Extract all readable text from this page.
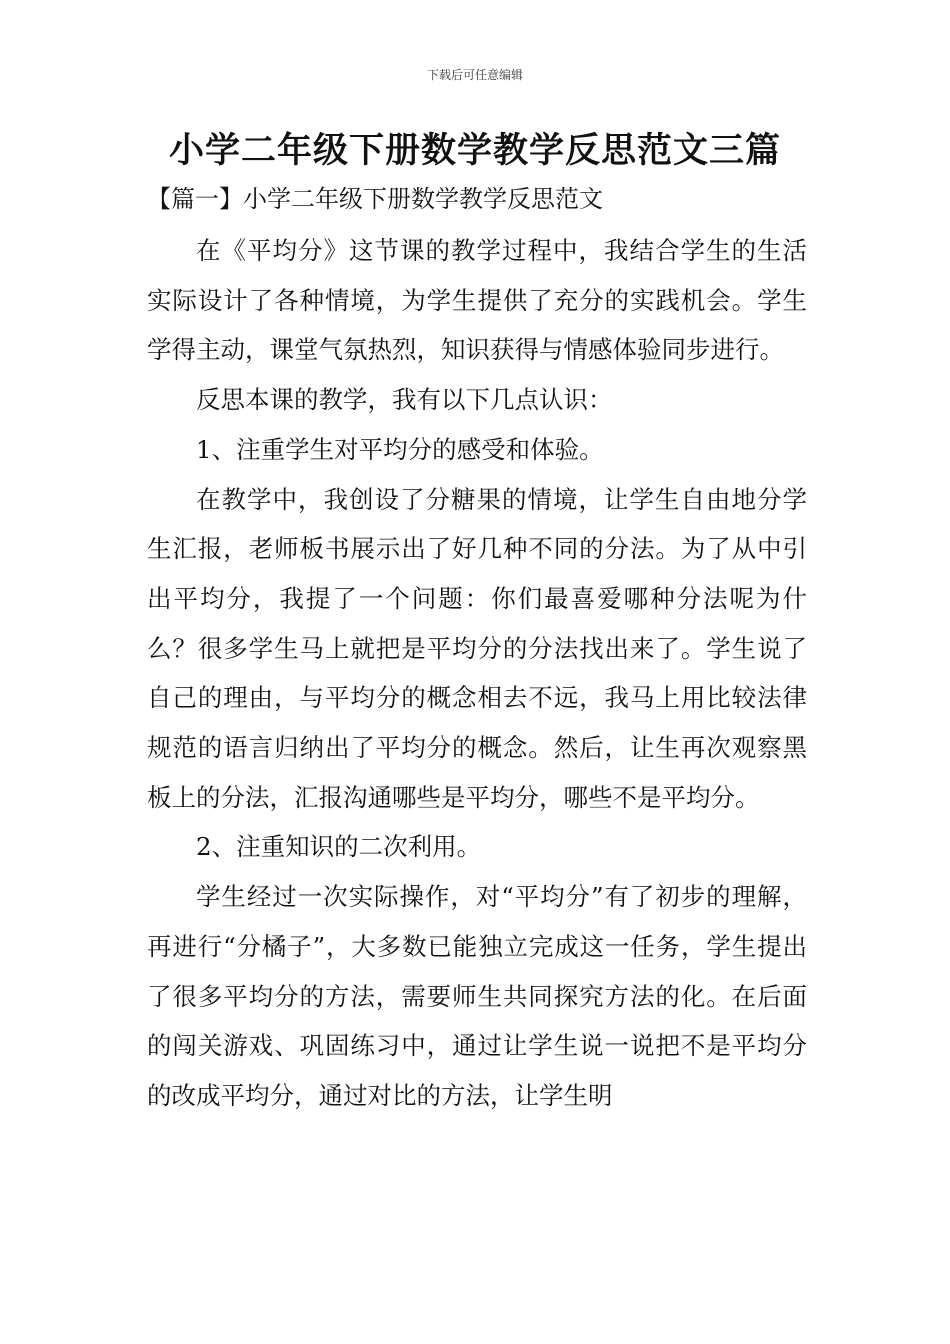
下载后可任意编辑
小学二年级下册数学教学反思范文三篇
【篇一】小学二年级下册数学教学反思范文

在《平均分》这节课的教学过程中，我结合学生的生活实际设计了各种情境，为学生提供了充分的实践机会。学生学得主动，课堂气氛热烈，知识获得与情感体验同步进行。

反思本课的教学，我有以下几点认识：

1、注重学生对平均分的感受和体验。

在教学中，我创设了分糖果的情境，让学生自由地分学生汇报，老师板书展示出了好几种不同的分法。为了从中引出平均分，我提了一个问题：你们最喜爱哪种分法呢为什么？很多学生马上就把是平均分的分法找出来了。学生说了自己的理由，与平均分的概念相去不远，我马上用比较法律规范的语言归纳出了平均分的概念。然后，让生再次观察黑板上的分法，汇报沟通哪些是平均分，哪些不是平均分。

2、注重知识的二次利用。

学生经过一次实际操作，对“平均分”有了初步的理解，再进行“分橘子”，大多数已能独立完成这一任务，学生提出了很多平均分的方法，需要师生共同探究方法的化。在后面的闯关游戏、巩固练习中，通过让学生说一说把不是平均分的改成平均分，通过对比的方法，让学生明
